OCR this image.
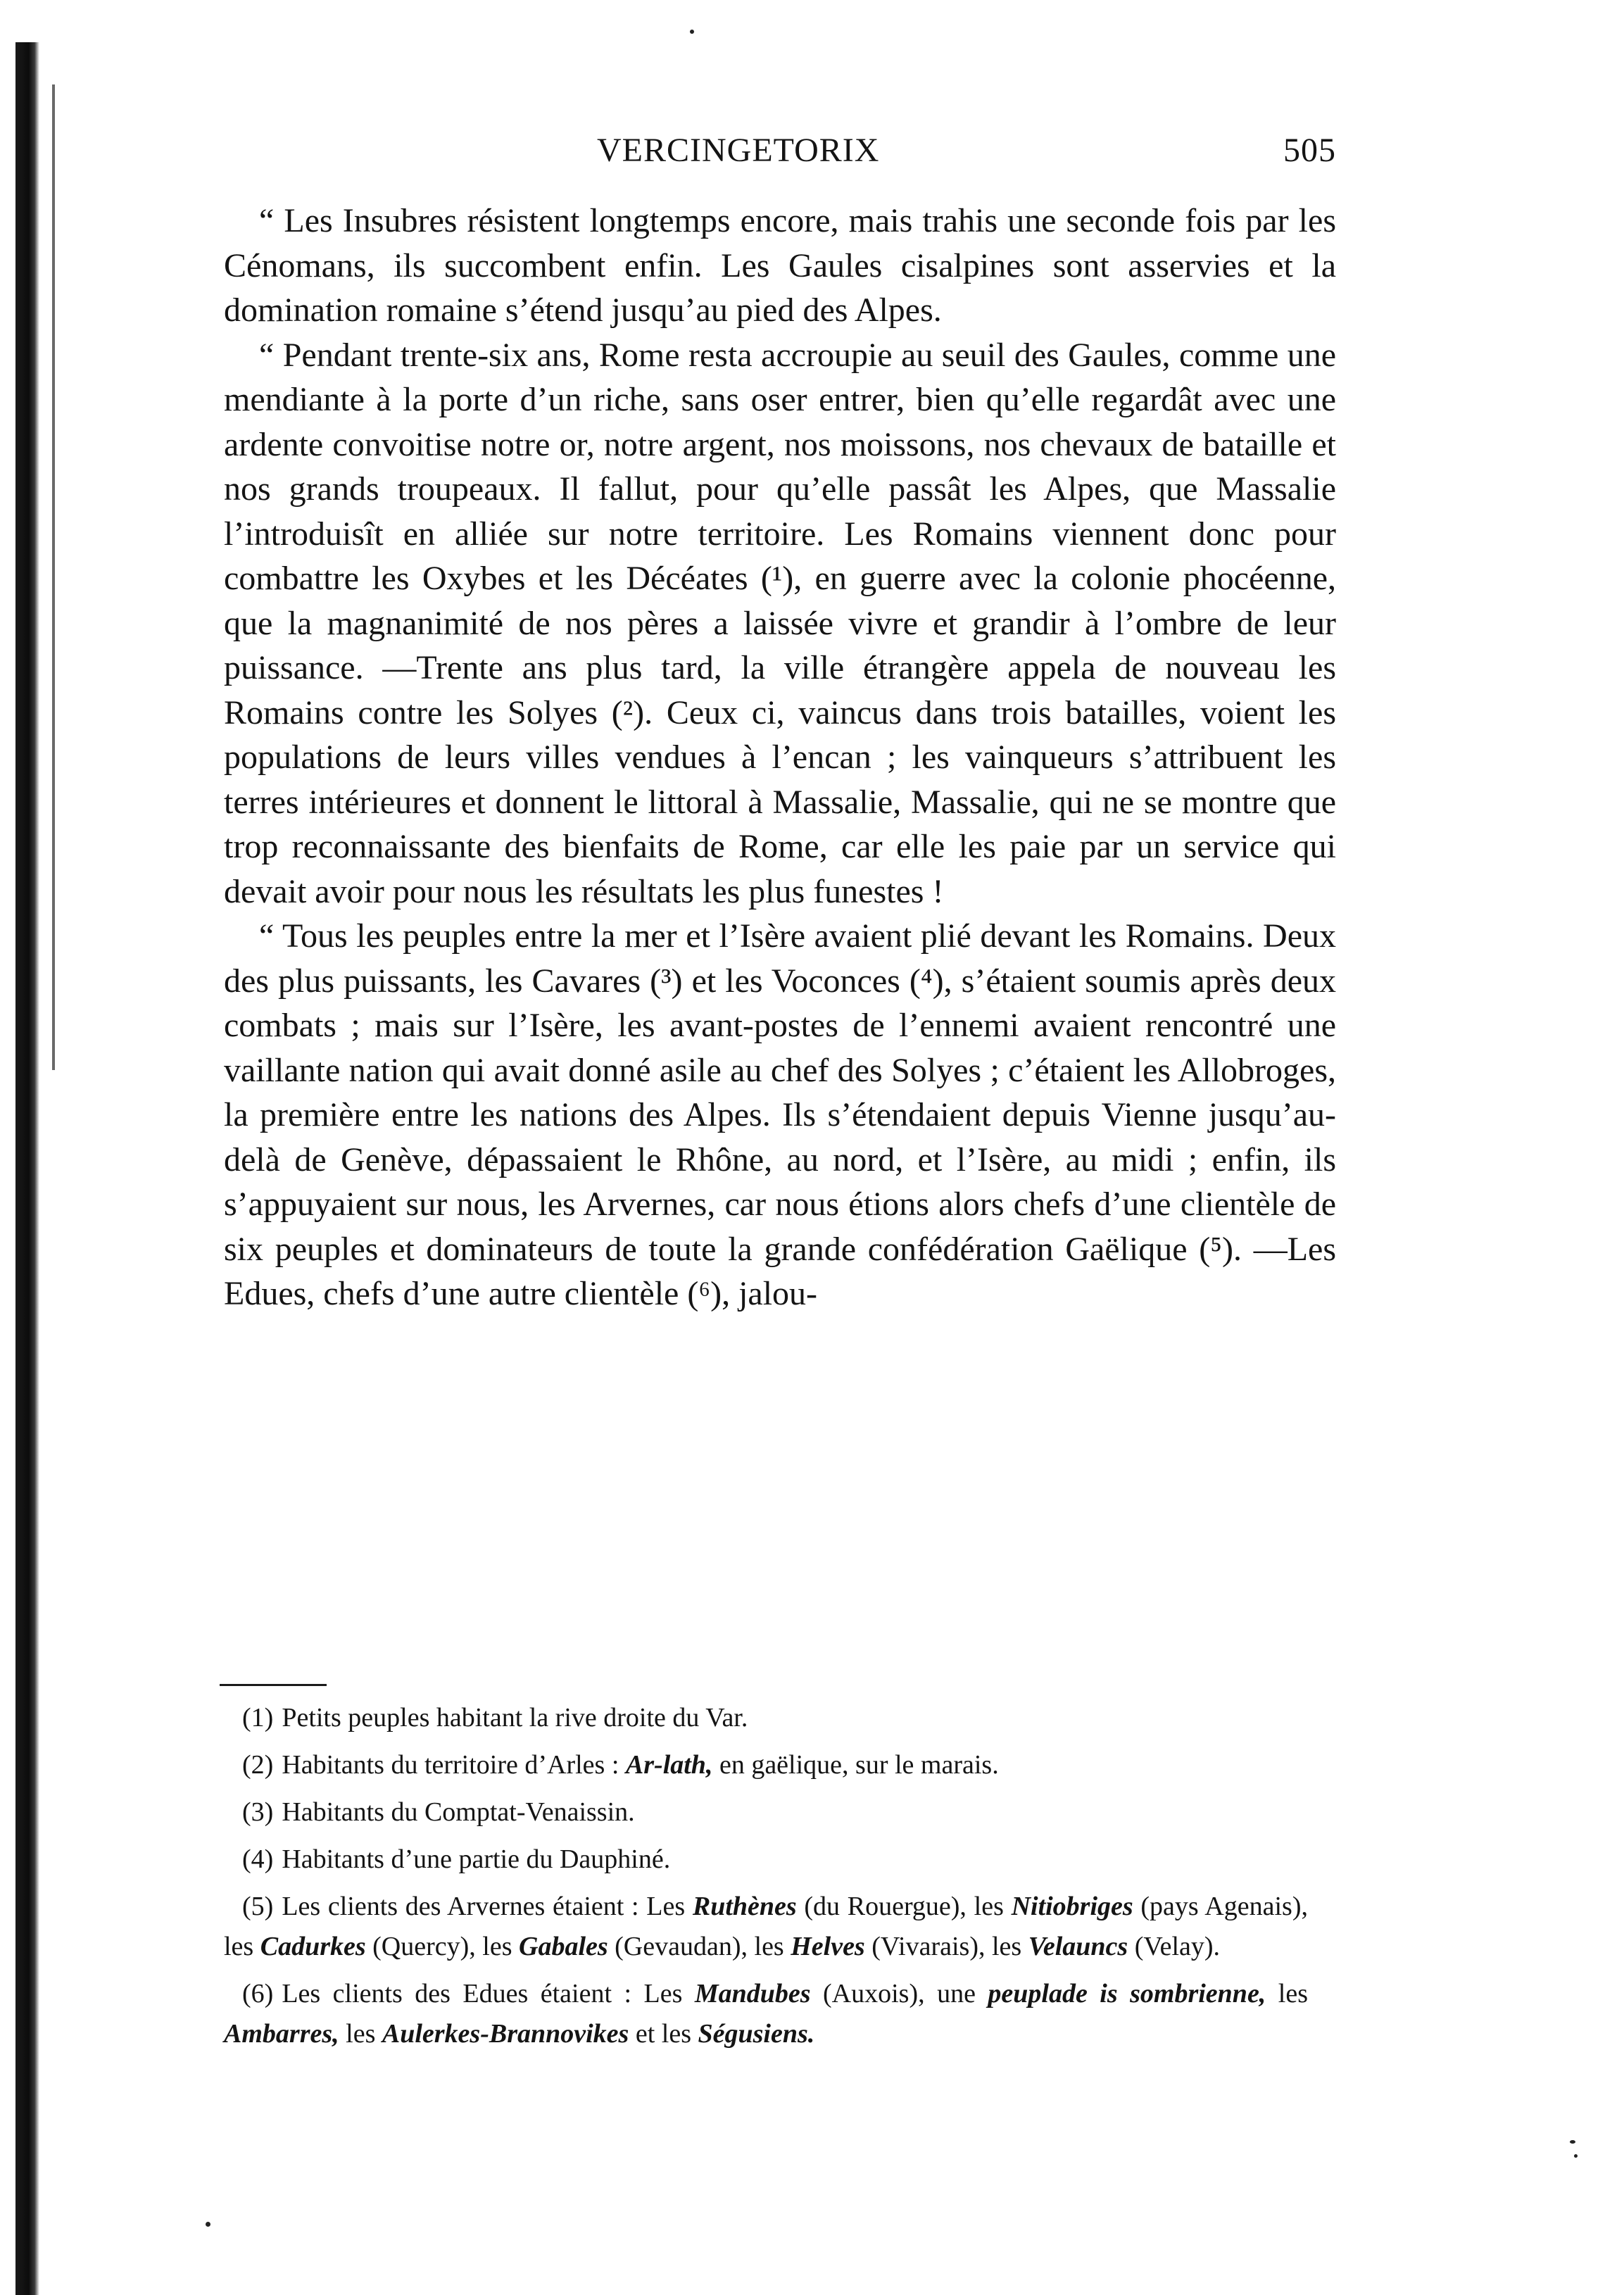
VERCINGETORIX	505

“ Les Insubres résistent longtemps encore, mais trahis une seconde fois par les Cénomans, ils succombent enfin. Les Gaules cisalpines sont asservies et la domination romaine s’étend jusqu’au pied des Alpes.

“ Pendant trente-six ans, Rome resta accroupie au seuil des Gaules, comme une mendiante à la porte d’un riche, sans oser entrer, bien qu’elle regardât avec une ardente convoitise notre or, notre argent, nos moissons, nos chevaux de bataille et nos grands troupeaux. Il fallut, pour qu’elle passât les Alpes, que Massalie l’introduisît en alliée sur notre territoire. Les Romains viennent donc pour combattre les Oxybes et les Décéates (¹), en guerre avec la colonie phocéenne, que la magnanimité de nos pères a laissée vivre et grandir à l’ombre de leur puissance. —Trente ans plus tard, la ville étrangère appela de nouveau les Romains contre les Solyes (²). Ceux ci, vaincus dans trois batailles, voient les populations de leurs villes vendues à l’encan ; les vainqueurs s’attribuent les terres intérieures et donnent le littoral à Massalie, Massalie, qui ne se montre que trop reconnaissante des bienfaits de Rome, car elle les paie par un service qui devait avoir pour nous les résultats les plus funestes !

“ Tous les peuples entre la mer et l’Isère avaient plié devant les Romains. Deux des plus puissants, les Cavares (³) et les Voconces (⁴), s’étaient soumis après deux combats ; mais sur l’Isère, les avant-postes de l’ennemi avaient rencontré une vaillante nation qui avait donné asile au chef des Solyes ; c’étaient les Allobroges, la première entre les nations des Alpes. Ils s’étendaient depuis Vienne jusqu’au-delà de Genève, dépassaient le Rhône, au nord, et l’Isère, au midi ; enfin, ils s’appuyaient sur nous, les Arvernes, car nous étions alors chefs d’une clientèle de six peuples et dominateurs de toute la grande confédération Gaëlique (⁵). —Les Edues, chefs d’une autre clientèle (⁶), jalou-

(1) Petits peuples habitant la rive droite du Var.

(2) Habitants du territoire d’Arles : Ar-lath, en gaëlique, sur le marais.

(3) Habitants du Comptat-Venaissin.

(4) Habitants d’une partie du Dauphiné.

(5) Les clients des Arvernes étaient : Les Ruthènes (du Rouergue), les Nitiobriges (pays Agenais), les Cadurkes (Quercy), les Gabales (Gevaudan), les Helves (Vivarais), les Velauncs (Velay).

(6) Les clients des Edues étaient : Les Mandubes (Auxois), une peuplade is sombrienne, les Ambarres, les Aulerkes-Brannovikes et les Ségusiens.
